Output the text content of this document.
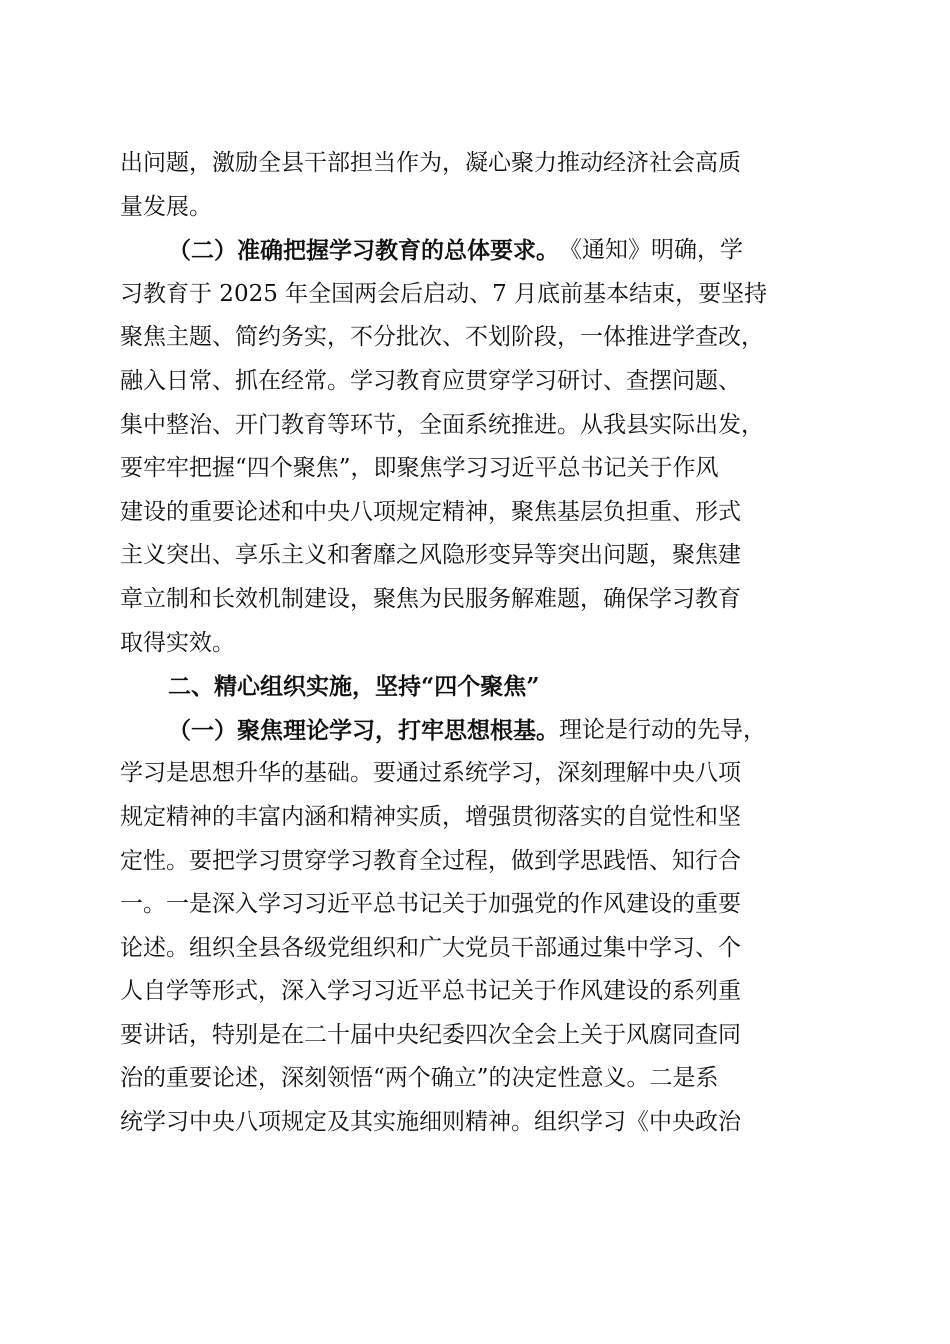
出问题，激励全县干部担当作为，凝心聚力推动经济社会高质
量发展。
（二）准确把握学习教育的总体要求。 《通知》明确，学
习教育于 2025 年全国两会后启动、7 月底前基本结束，要坚持
聚焦主题、简约务实，不分批次、不划阶段，一体推进学查改，
融入日常、抓在经常。学习教育应贯穿学习研讨、查摆问题、
集中整治、开门教育等环节，全面系统推进。从我县实际出发，
要牢牢把握“四个聚焦”，即聚焦学习习近平总书记关于作风
建设的重要论述和中央八项规定精神，聚焦基层负担重、形式
主义突出、享乐主义和奢靡之风隐形变异等突出问题，聚焦建
章立制和长效机制建设，聚焦为民服务解难题，确保学习教育
取得实效。
二、精心组织实施，坚持“四个聚焦”
（一）聚焦理论学习，打牢思想根基。 理论是行动的先导，
学习是思想升华的基础。要通过系统学习，深刻理解中央八项
规定精神的丰富内涵和精神实质，增强贯彻落实的自觉性和坚
定性。要把学习贯穿学习教育全过程，做到学思践悟、知行合
一。一是深入学习习近平总书记关于加强党的作风建设的重要
论述。组织全县各级党组织和广大党员干部通过集中学习、个
人自学等形式，深入学习习近平总书记关于作风建设的系列重
要讲话，特别是在二十届中央纪委四次全会上关于风腐同查同
治的重要论述，深刻领悟“两个确立”的决定性意义。二是系
统学习中央八项规定及其实施细则精神。组织学习《中央政治
